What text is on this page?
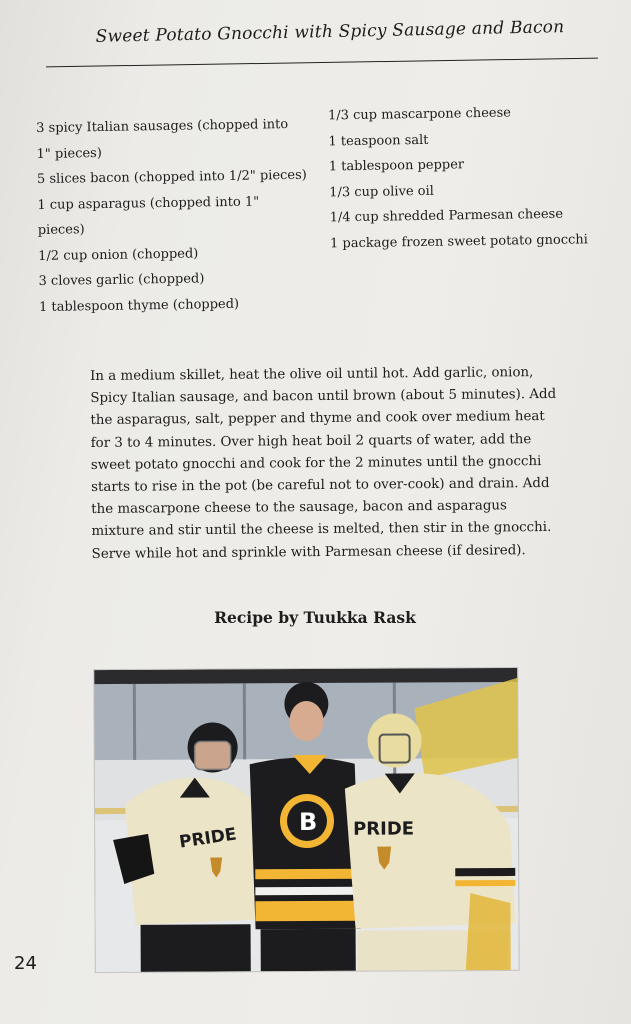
Sweet Potato Gnocchi with Spicy Sausage and Bacon
3 spicy Italian sausages (chopped into 1" pieces)
5 slices bacon (chopped into 1/2" pieces)
1 cup asparagus (chopped into 1" pieces)
1/2 cup onion (chopped)
3 cloves garlic (chopped)
1 tablespoon thyme (chopped)
1/3 cup mascarpone cheese
1 teaspoon salt
1 tablespoon pepper
1/3 cup olive oil
1/4 cup shredded Parmesan cheese
1 package frozen sweet potato gnocchi
In a medium skillet, heat the olive oil until hot. Add garlic, onion, Spicy Italian sausage, and bacon until brown (about 5 minutes). Add the asparagus, salt, pepper and thyme and cook over medium heat for 3 to 4 minutes. Over high heat boil 2 quarts of water, add the sweet potato gnocchi and cook for the 2 minutes until the gnocchi starts to rise in the pot (be careful not to over-cook) and drain. Add the mascarpone cheese to the sausage, bacon and asparagus mixture and stir until the cheese is melted, then stir in the gnocchi. Serve while hot and sprinkle with Parmesan cheese (if desired).
Recipe by Tuukka Rask
PRIDE
B PRIDE
24
